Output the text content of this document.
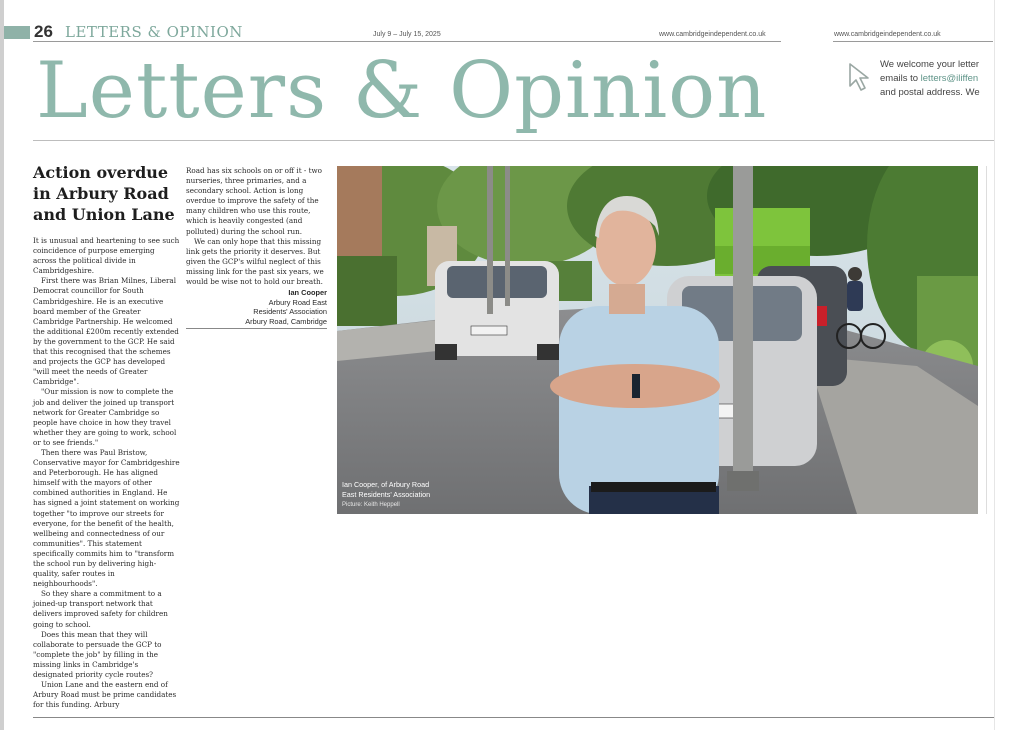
26 LETTERS & OPINION	July 9 – July 15, 2025	www.cambridgeindependent.co.uk	www.cambridgeindependent.co.uk
Letters & Opinion	We welcome your letter
emails to letters@iliffen
and postal address. We
Action overdue in Arbury Road and Union Lane

It is unusual and heartening to see such coincidence of purpose emerging across the political divide in Cambridgeshire.

First there was Brian Milnes, Liberal Democrat councillor for South Cambridgeshire. He is an executive board member of the Greater Cambridge Partnership. He welcomed the additional £200m recently extended by the government to the GCP. He said that this recognised that the schemes and projects the GCP has developed "will meet the needs of Greater Cambridge".

"Our mission is now to complete the job and deliver the joined up transport network for Greater Cambridge so people have choice in how they travel whether they are going to work, school or to see friends."

Then there was Paul Bristow, Conservative mayor for Cambridgeshire and Peterborough. He has aligned himself with the mayors of other combined authorities in England. He has signed a joint statement on working together "to improve our streets for everyone, for the benefit of the health, wellbeing and connectedness of our communities". This statement specifically commits him to "transform the school run by delivering high-quality, safer routes in neighbourhoods".

So they share a commitment to a joined-up transport network that delivers improved safety for children going to school.

Does this mean that they will collaborate to persuade the GCP to "complete the job" by filling in the missing links in Cambridge's designated priority cycle routes?

Union Lane and the eastern end of Arbury Road must be prime candidates for this funding. Arbury

Road has six schools on or off it - two nurseries, three primaries, and a secondary school. Action is long overdue to improve the safety of the many children who use this route, which is heavily congested (and polluted) during the school run.

We can only hope that this missing link gets the priority it deserves. But given the GCP's wilful neglect of this missing link for the past six years, we would be wise not to hold our breath.

Ian Cooper
Arbury Road East
Residents' Association
Arbury Road, Cambridge
Ian Cooper, of Arbury Road
East Residents' Association
Picture: Keith Heppell
